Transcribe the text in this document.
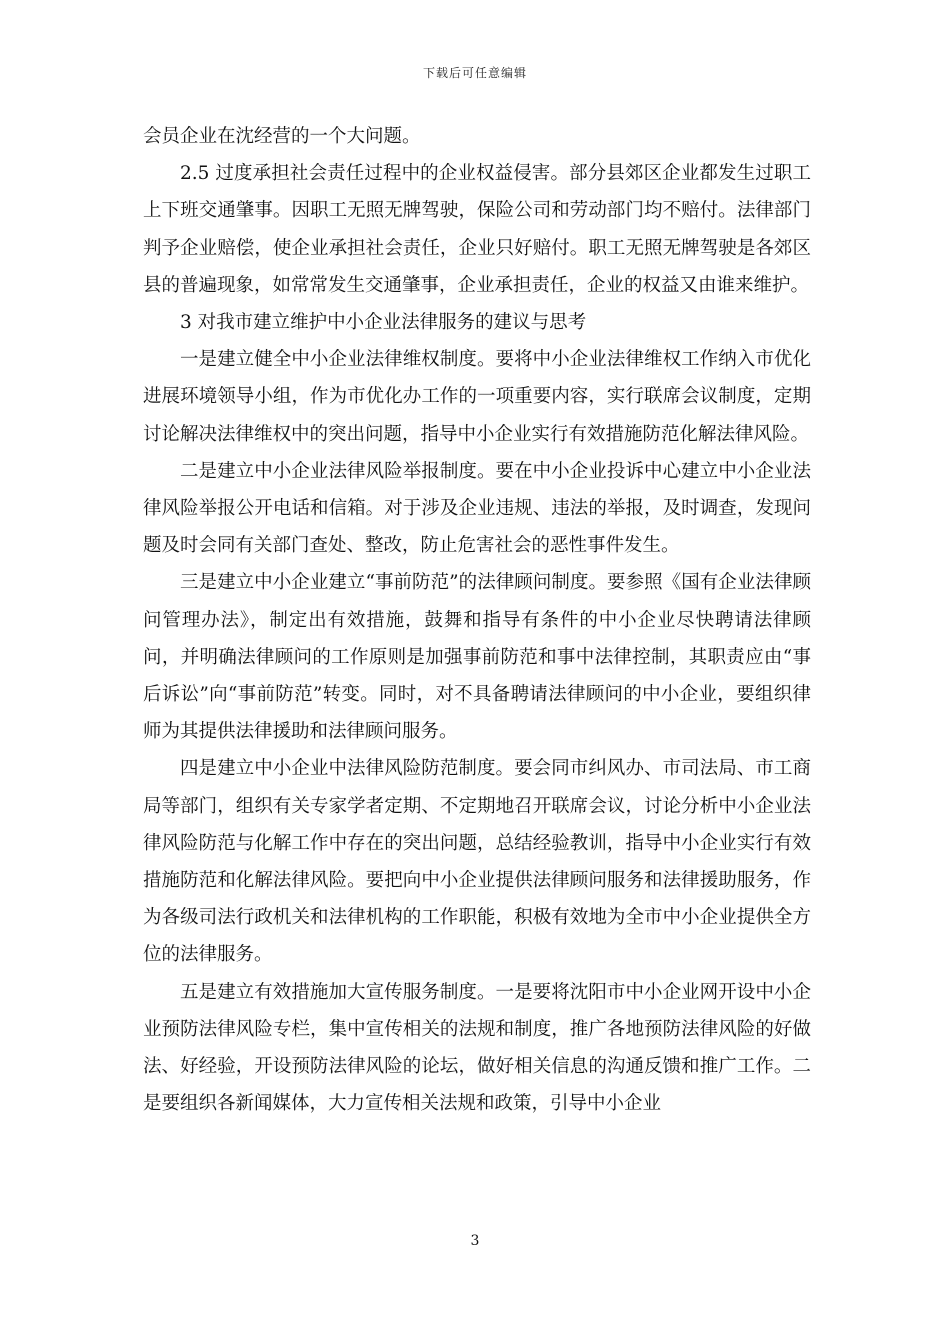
下载后可任意编辑

会员企业在沈经营的一个大问题。

2.5 过度承担社会责任过程中的企业权益侵害。部分县郊区企业都发生过职工上下班交通肇事。因职工无照无牌驾驶，保险公司和劳动部门均不赔付。法律部门判予企业赔偿，使企业承担社会责任，企业只好赔付。职工无照无牌驾驶是各郊区县的普遍现象，如常常发生交通肇事，企业承担责任，企业的权益又由谁来维护。

3 对我市建立维护中小企业法律服务的建议与思考

一是建立健全中小企业法律维权制度。要将中小企业法律维权工作纳入市优化进展环境领导小组，作为市优化办工作的一项重要内容，实行联席会议制度，定期讨论解决法律维权中的突出问题，指导中小企业实行有效措施防范化解法律风险。

二是建立中小企业法律风险举报制度。要在中小企业投诉中心建立中小企业法律风险举报公开电话和信箱。对于涉及企业违规、违法的举报，及时调查，发现问题及时会同有关部门查处、整改，防止危害社会的恶性事件发生。

三是建立中小企业建立“事前防范”的法律顾问制度。要参照《国有企业法律顾问管理办法》，制定出有效措施，鼓舞和指导有条件的中小企业尽快聘请法律顾问，并明确法律顾问的工作原则是加强事前防范和事中法律控制，其职责应由“事后诉讼”向“事前防范”转变。同时，对不具备聘请法律顾问的中小企业，要组织律师为其提供法律援助和法律顾问服务。

四是建立中小企业中法律风险防范制度。要会同市纠风办、市司法局、市工商局等部门，组织有关专家学者定期、不定期地召开联席会议，讨论分析中小企业法律风险防范与化解工作中存在的突出问题，总结经验教训，指导中小企业实行有效措施防范和化解法律风险。要把向中小企业提供法律顾问服务和法律援助服务，作为各级司法行政机关和法律机构的工作职能，积极有效地为全市中小企业提供全方位的法律服务。

五是建立有效措施加大宣传服务制度。一是要将沈阳市中小企业网开设中小企业预防法律风险专栏，集中宣传相关的法规和制度，推广各地预防法律风险的好做法、好经验，开设预防法律风险的论坛，做好相关信息的沟通反馈和推广工作。二是要组织各新闻媒体，大力宣传相关法规和政策，引导中小企业

3
